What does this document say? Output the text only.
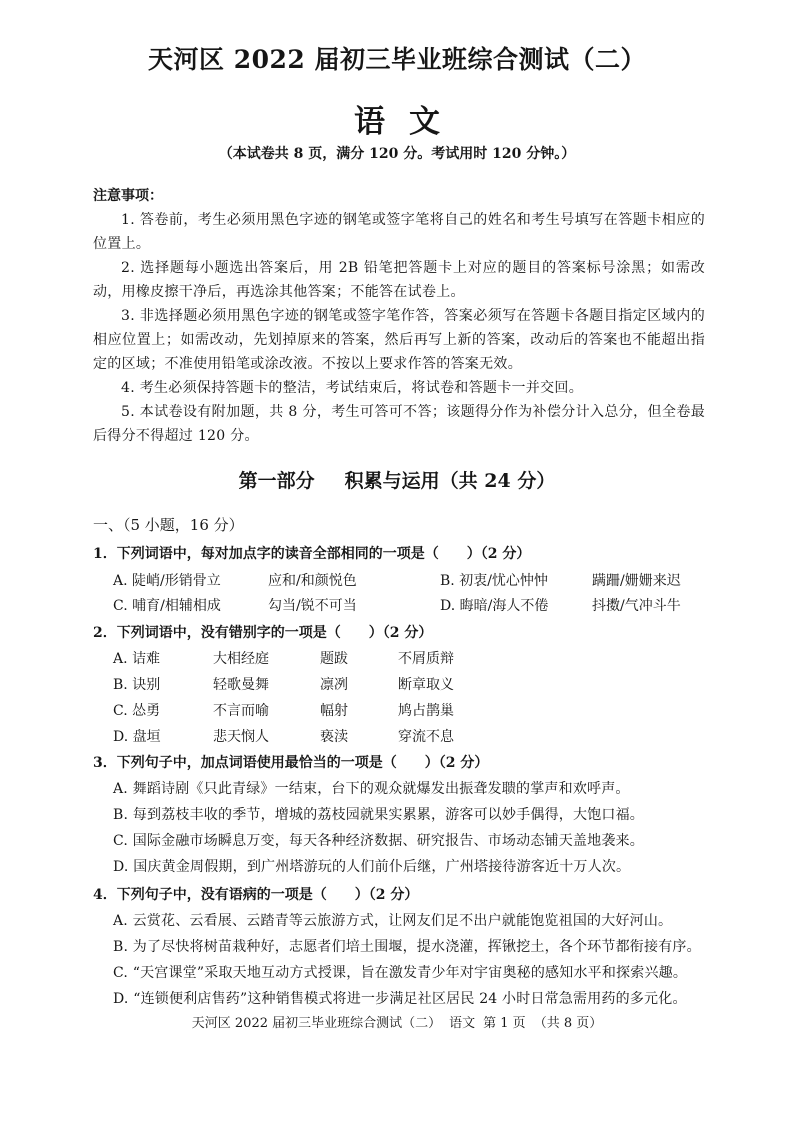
天河区 2022 届初三毕业班综合测试（二）
语文
（本试卷共 8 页，满分 120 分。考试用时 120 分钟。）
注意事项：
1. 答卷前，考生必须用黑色字迹的钢笔或签字笔将自己的姓名和考生号填写在答题卡相应的位置上。
2. 选择题每小题选出答案后，用 2B 铅笔把答题卡上对应的题目的答案标号涂黑；如需改动，用橡皮擦干净后，再选涂其他答案；不能答在试卷上。
3. 非选择题必须用黑色字迹的钢笔或签字笔作答，答案必须写在答题卡各题目指定区域内的相应位置上；如需改动，先划掉原来的答案，然后再写上新的答案，改动后的答案也不能超出指定的区域；不准使用铅笔或涂改液。不按以上要求作答的答案无效。
4. 考生必须保持答题卡的整洁，考试结束后，将试卷和答题卡一并交回。
5. 本试卷设有附加题，共 8 分，考生可答可不答；该题得分作为补偿分计入总分，但全卷最后得分不得超过 120 分。
第一部分 积累与运用（共 24 分）
一、（5 小题，16 分）
1．下列词语中，每对加点字的读音全部相同的一项是（　　）（2 分）
A. 陡峭/形销骨立	应和/和颜悦色	B. 初衷/忧心忡忡	蹒跚/姗姗来迟
C. 哺育/相辅相成	勾当/锐不可当	D. 晦暗/海人不倦	抖擞/气冲斗牛
2．下列词语中，没有错别字的一项是（　　）（2 分）
A. 诘难	大相经庭	题跋	不屑质辩
B. 诀别	轻歌曼舞	凛冽	断章取义
C. 怂勇	不言而喻	幅射	鸠占鹊巢
D. 盘垣	悲天悯人	亵渎	穿流不息
3．下列句子中，加点词语使用最恰当的一项是（　　）（2 分）
A. 舞蹈诗剧《只此青绿》一结束，台下的观众就爆发出振聋发聩的掌声和欢呼声。
B. 每到荔枝丰收的季节，增城的荔枝园就果实累累，游客可以妙手偶得，大饱口福。
C. 国际金融市场瞬息万变，每天各种经济数据、研究报告、市场动态铺天盖地袭来。
D. 国庆黄金周假期，到广州塔游玩的人们前仆后继，广州塔接待游客近十万人次。
4．下列句子中，没有语病的一项是（　　）（2 分）
A. 云赏花、云看展、云踏青等云旅游方式，让网友们足不出户就能饱览祖国的大好河山。
B. 为了尽快将树苗栽种好，志愿者们培土围堰，提水浇灌，挥锹挖土，各个环节都衔接有序。
C. “天宫课堂”采取天地互动方式授课，旨在激发青少年对宇宙奥秘的感知水平和探索兴趣。
D. “连锁便利店售药”这种销售模式将进一步满足社区居民 24 小时日常急需用药的多元化。
天河区 2022 届初三毕业班综合测试（二） 语文 第 1 页 （共 8 页）
